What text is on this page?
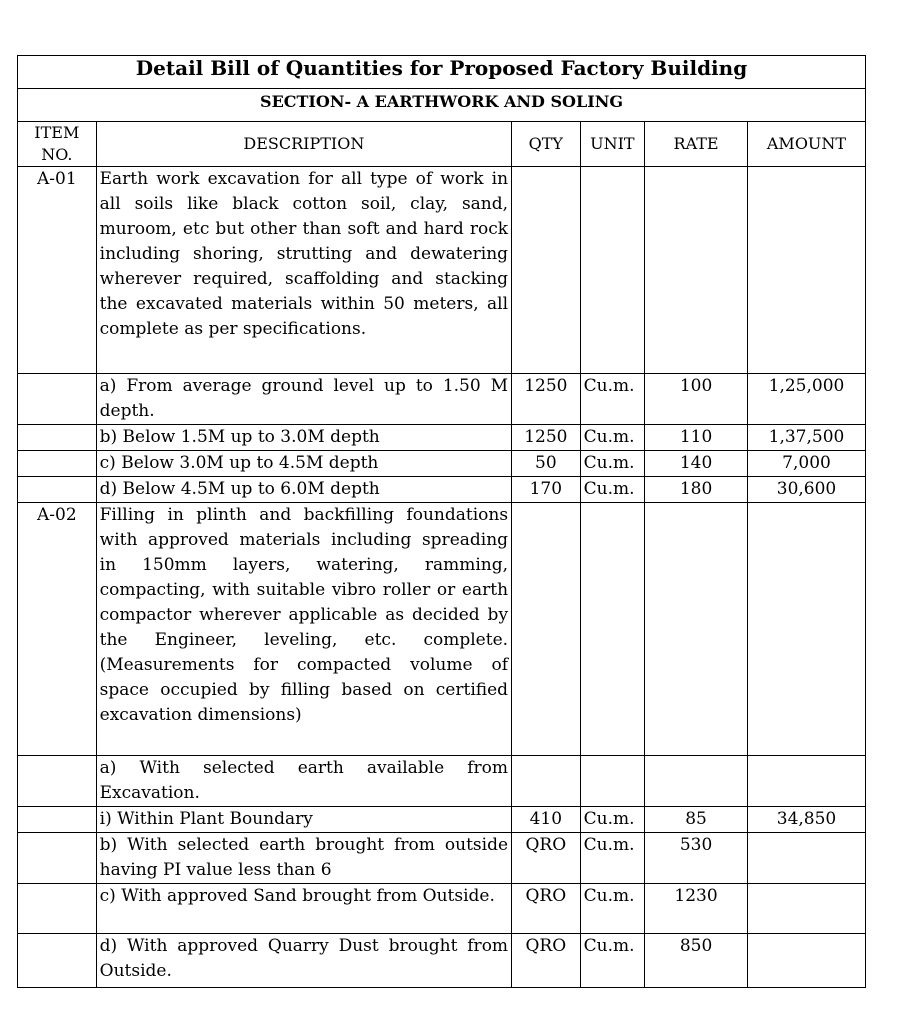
Detail Bill of Quantities for Proposed Factory Building					
SECTION- A EARTHWORK AND SOLING					
ITEM NO.	DESCRIPTION	QTY	UNIT	RATE	AMOUNT
A-01	Earth work excavation for all type of work in all soils like black cotton soil, clay, sand, muroom, etc but other than soft and hard rock including shoring, strutting and dewatering wherever required, scaffolding and stacking the excavated materials within 50 meters, all complete as per specifications.				
	a) From average ground level up to 1.50 M depth.	1250	Cu.m.	100	1,25,000
	b) Below 1.5M up to 3.0M depth	1250	Cu.m.	110	1,37,500
	c) Below 3.0M up to 4.5M depth	50	Cu.m.	140	7,000
	d) Below 4.5M up to 6.0M depth	170	Cu.m.	180	30,600
A-02	Filling in plinth and backfilling foundations with approved materials including spreading in 150mm layers, watering, ramming, compacting, with suitable vibro roller or earth compactor wherever applicable as decided by the Engineer, leveling, etc. complete. (Measurements for compacted volume of space occupied by filling based on certified excavation dimensions)				
	a) With selected earth available from Excavation.				
	i) Within Plant Boundary	410	Cu.m.	85	34,850
	b) With selected earth brought from outside having PI value less than 6	QRO	Cu.m.	530	
	c) With approved Sand brought from Outside.	QRO	Cu.m.	1230	
	d) With approved Quarry Dust brought from Outside.	QRO	Cu.m.	850	
